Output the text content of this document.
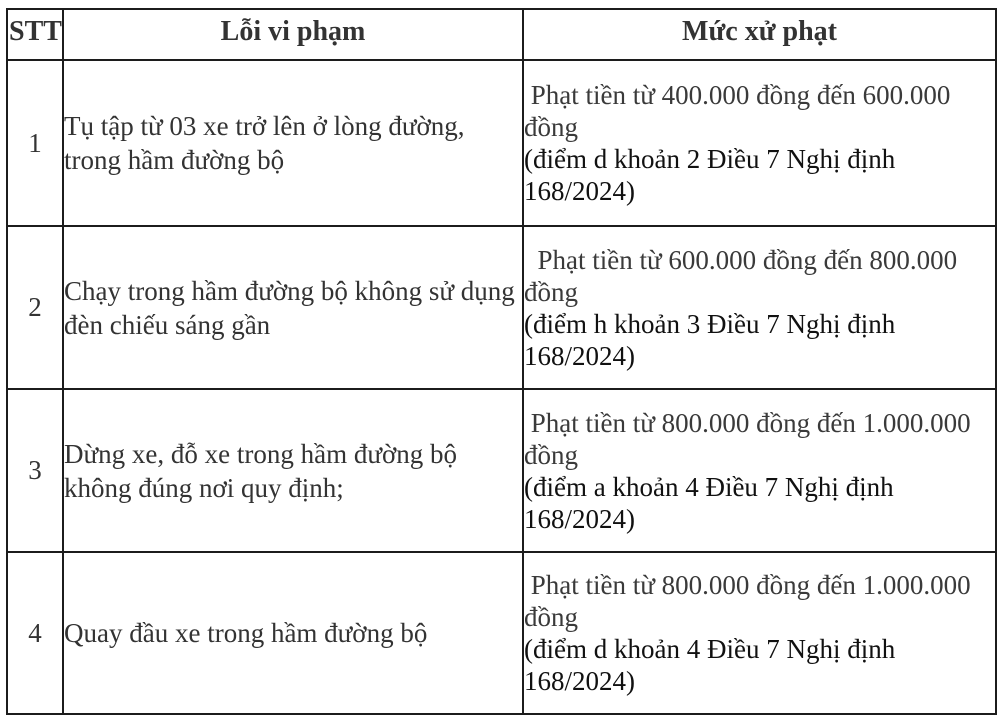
STT	Lỗi vi phạm	Mức xử phạt
1	Tụ tập từ 03 xe trở lên ở lòng đường, trong hầm đường bộ	Phạt tiền từ 400.000 đồng đến 600.000 đồng
(điểm d khoản 2 Điều 7 Nghị định 168/2024)

2	Chạy trong hầm đường bộ không sử dụng đèn chiếu sáng gần	Phạt tiền từ 600.000 đồng đến 800.000 đồng
(điểm h khoản 3 Điều 7 Nghị định 168/2024)

3	Dừng xe, đỗ xe trong hầm đường bộ không đúng nơi quy định;	Phạt tiền từ 800.000 đồng đến 1.000.000 đồng
(điểm a khoản 4 Điều 7 Nghị định 168/2024)

4	Quay đầu xe trong hầm đường bộ	Phạt tiền từ 800.000 đồng đến 1.000.000 đồng
(điểm d khoản 4 Điều 7 Nghị định 168/2024)
